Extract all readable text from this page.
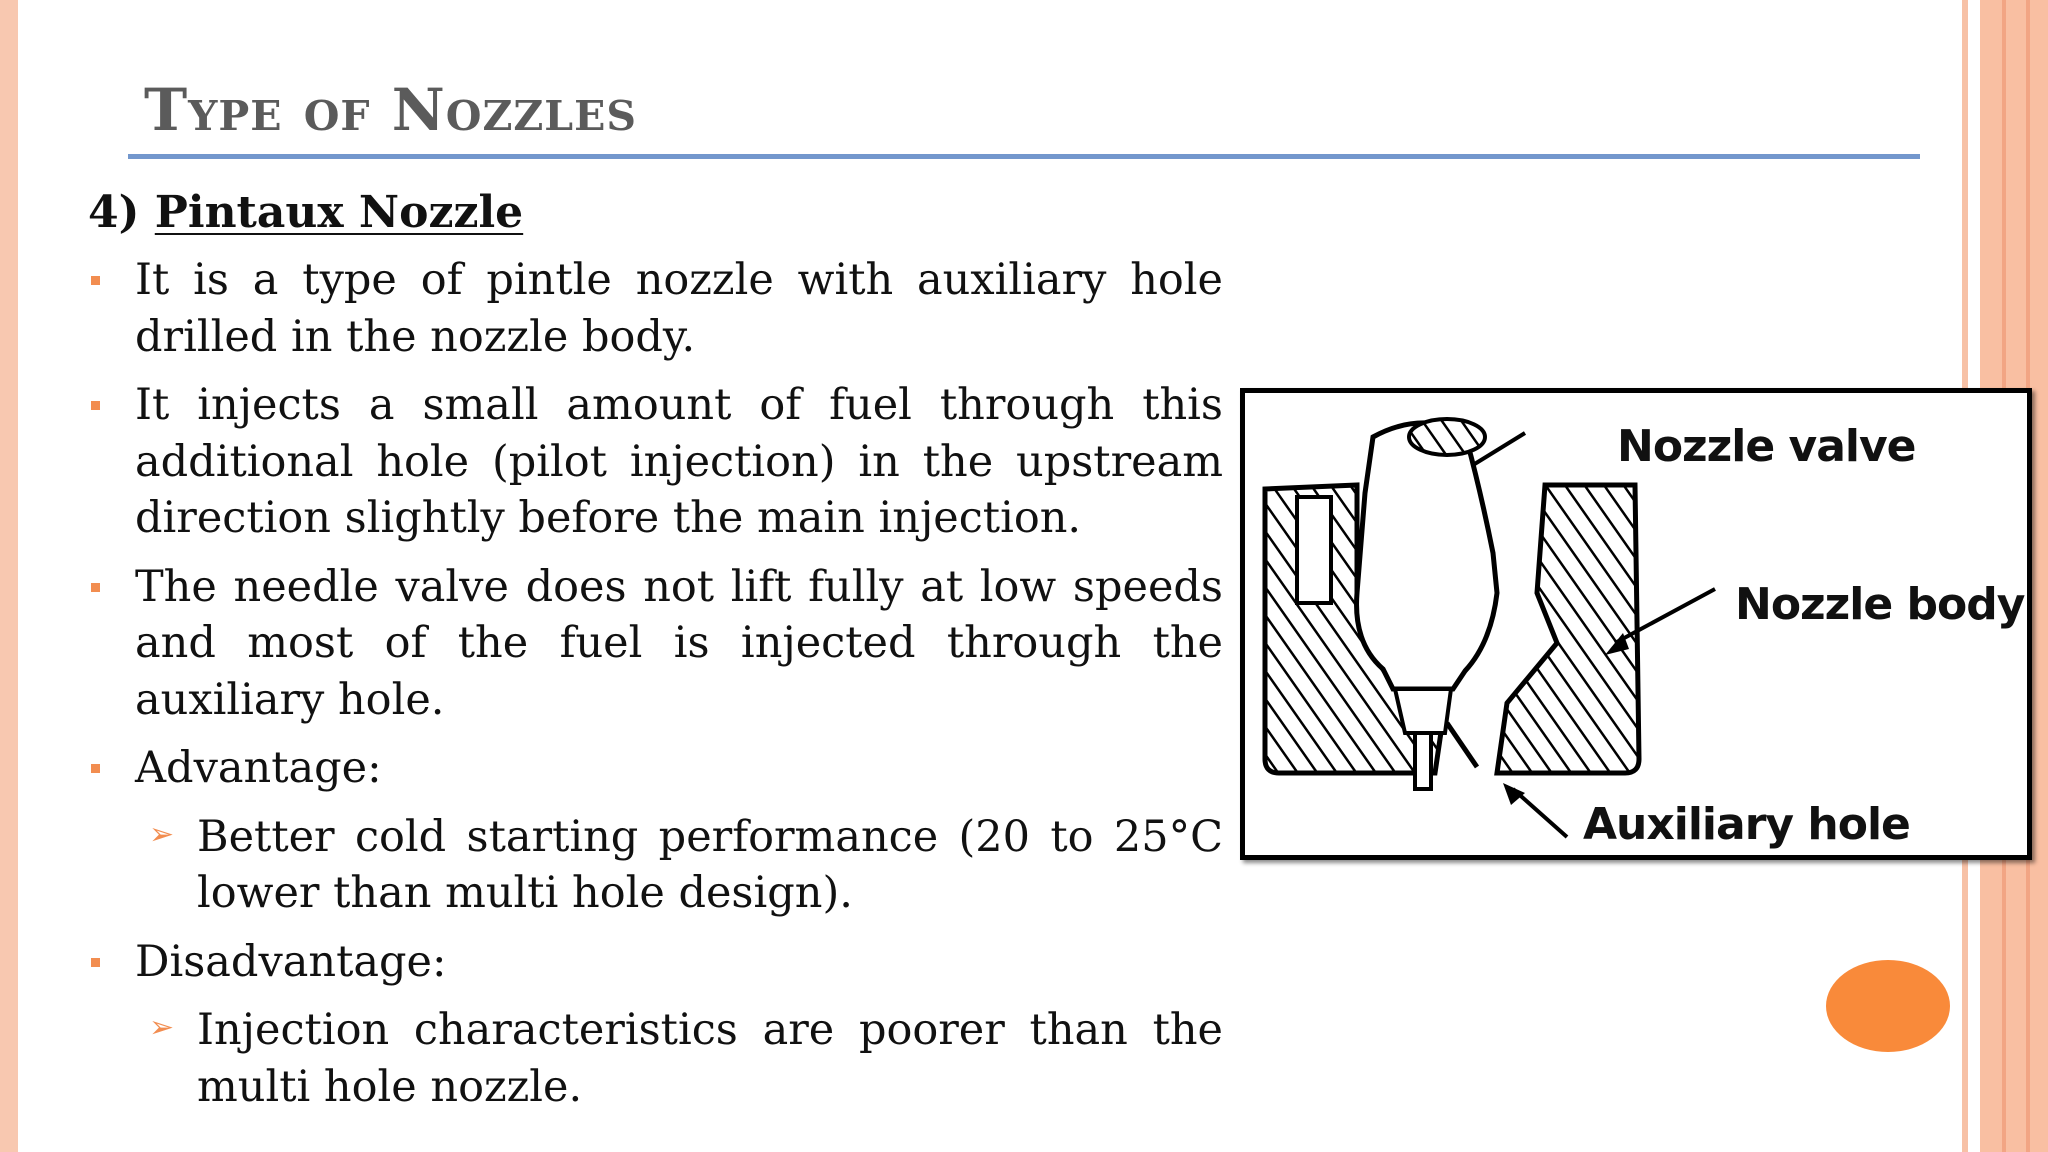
Type of Nozzles
4) Pintaux Nozzle
It is a type of pintle nozzle with auxiliary hole drilled in the nozzle body.
It injects a small amount of fuel through this additional hole (pilot injection) in the upstream direction slightly before the main injection.
The needle valve does not lift fully at low speeds and most of the fuel is injected through the auxiliary hole.
Advantage:
➢ Better cold starting performance (20 to 25°C lower than multi hole design).
Disadvantage:
➢ Injection characteristics are poorer than the multi hole nozzle.
Nozzle valve
Nozzle body
Auxiliary hole
